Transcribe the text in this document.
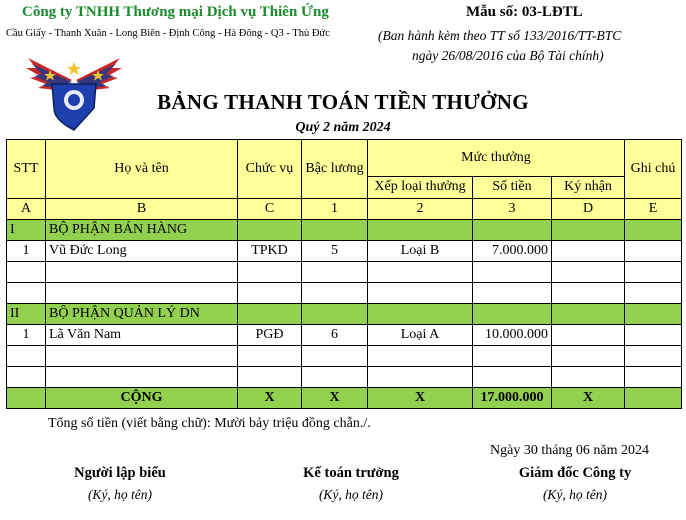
Công ty TNHH Thương mại Dịch vụ Thiên Ứng
Cầu Giấy - Thanh Xuân - Long Biên - Định Công - Hà Đông - Q3 - Thủ Đức
Mẫu số: 03-LĐTL
(Ban hành kèm theo TT số 133/2016/TT-BTC
ngày 26/08/2016 của Bộ Tài chính)
BẢNG THANH TOÁN TIỀN THƯỞNG
Quý 2 năm 2024
STT	Họ và tên	Chức vụ	Bậc lương	Mức thưởng			Ghi chú
				Xếp loại thưởng	Số tiền	Ký nhận	
A	B	C	1	2	3	D	E
I	BỘ PHẬN BÁN HÀNG						
1	Vũ Đức Long	TPKD	5	Loại B	7.000.000		

II	BỘ PHẬN QUẢN LÝ DN						
1	Lã Văn Nam	PGĐ	6	Loại A	10.000.000		

	CỘNG	X	X	X	17.000.000	X	
Tổng số tiền (viết bằng chữ): Mười bảy triệu đồng chẵn./.
Ngày 30 tháng 06 năm 2024
Người lập biểu
(Ký, họ tên)
Kế toán trưởng
(Ký, họ tên)
Giám đốc Công ty
(Ký, họ tên)
